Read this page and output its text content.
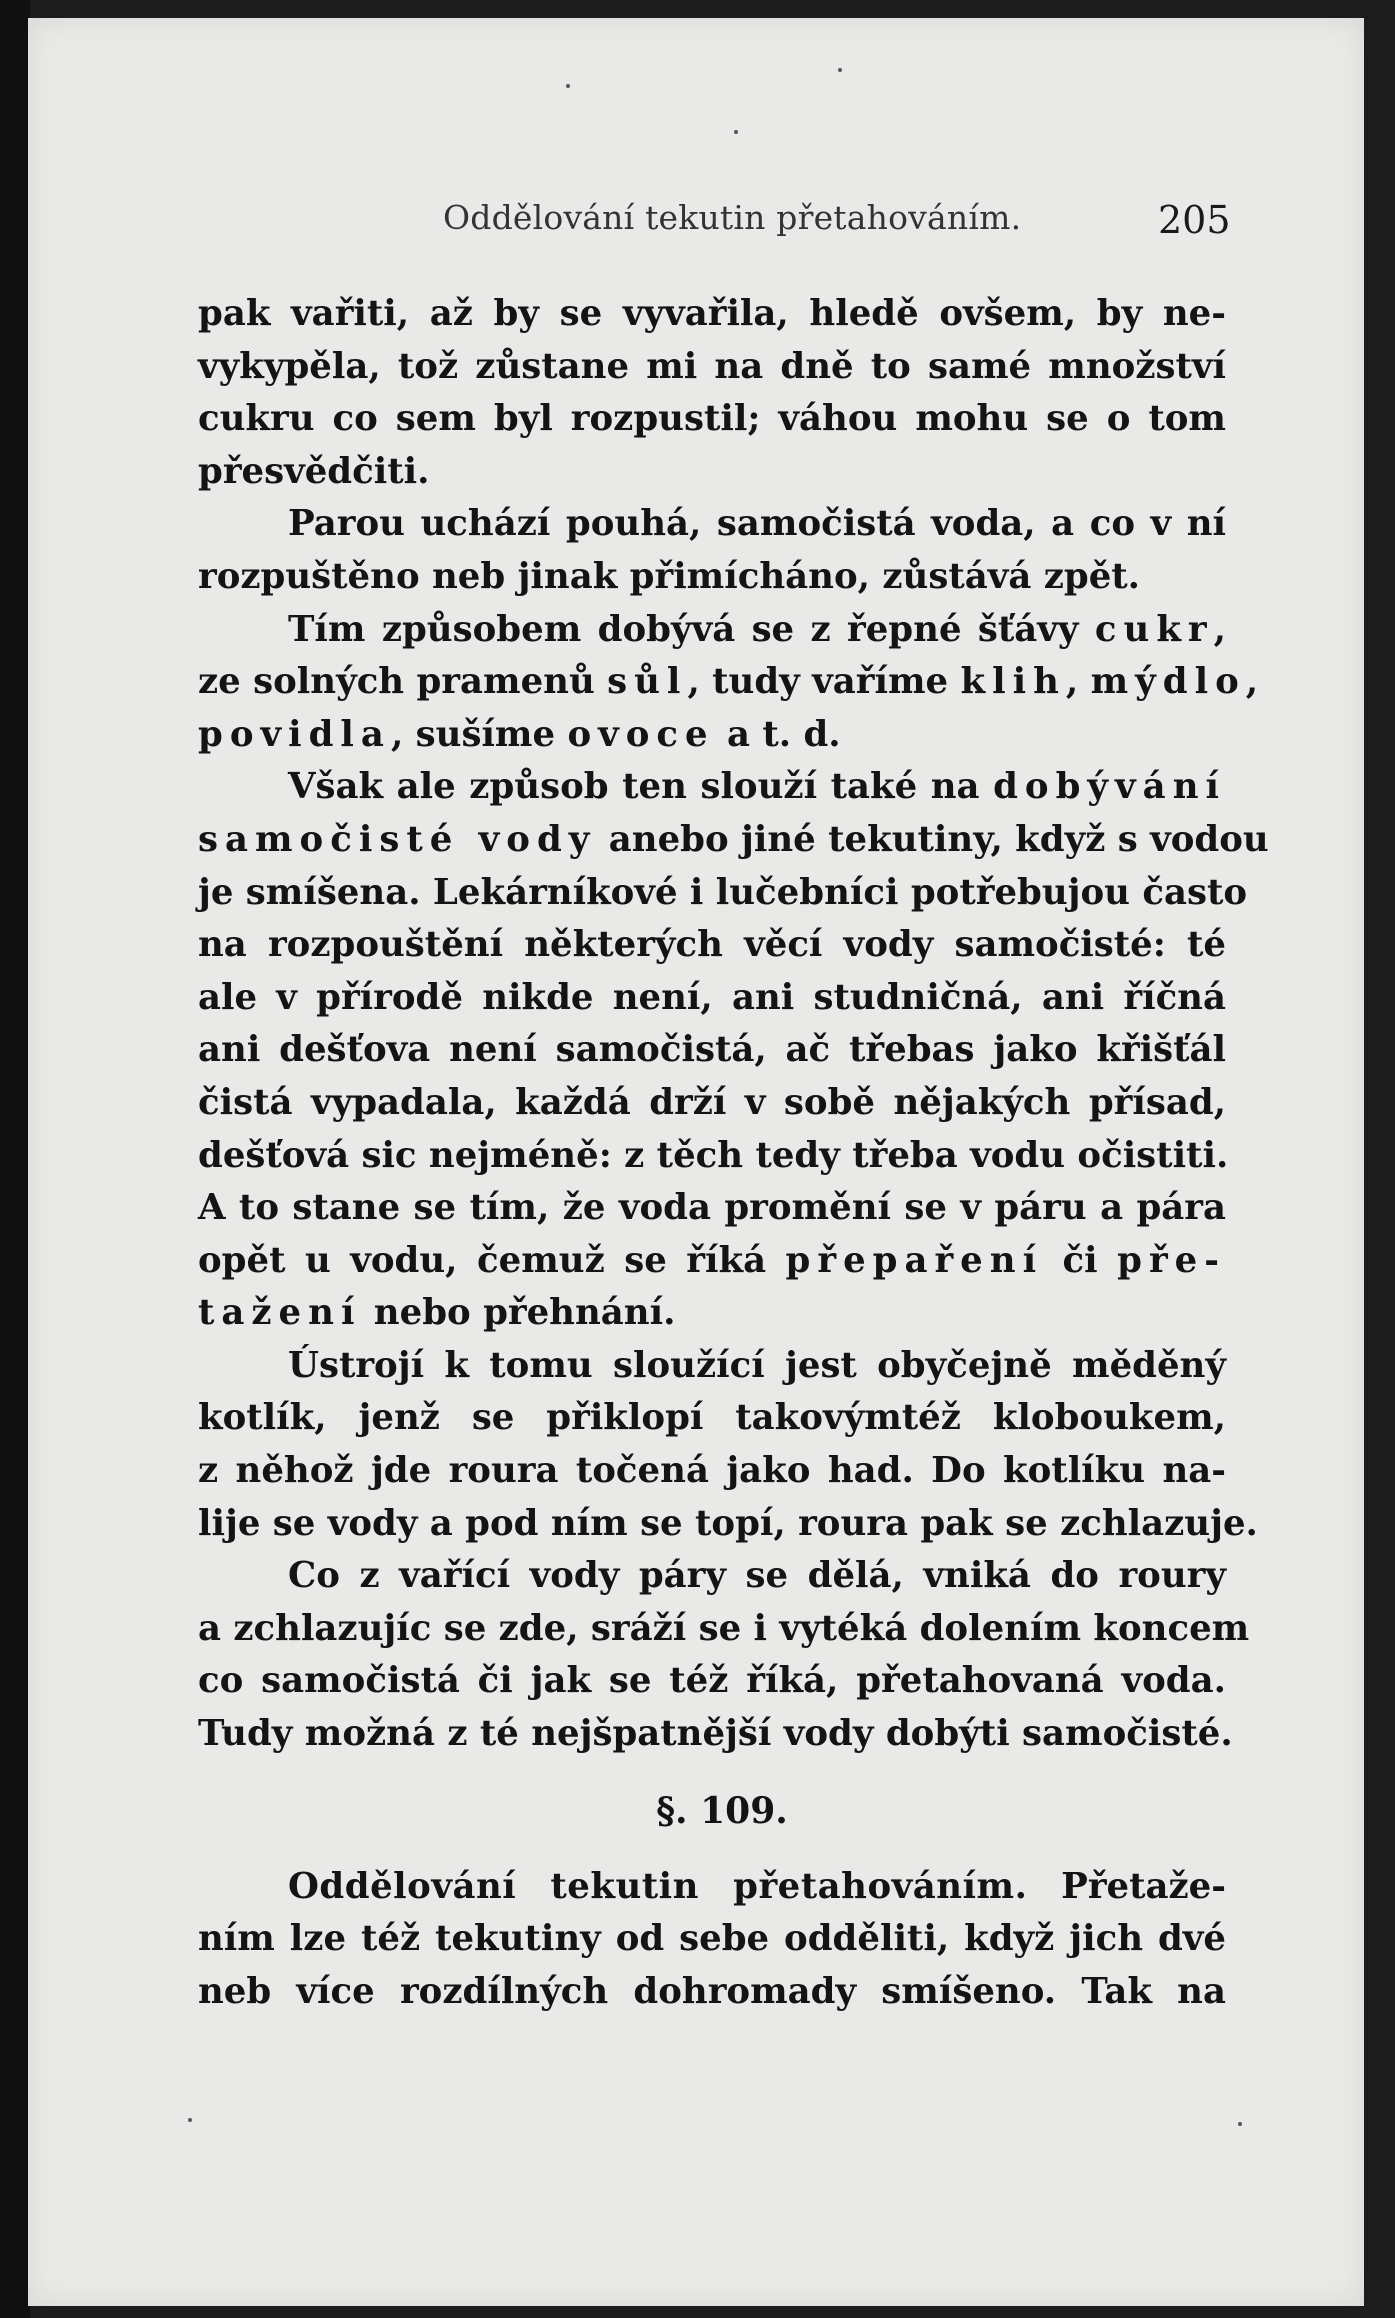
Oddělování tekutin přetahováním.	205
pak vařiti, až by se vyvařila, hledě ovšem, by ne-
vykypěla, tož zůstane mi na dně to samé množství
cukru co sem byl rozpustil; váhou mohu se o tom
přesvědčiti.
Parou uchází pouhá, samočistá voda, a co v ní
rozpuštěno neb jinak přimícháno, zůstává zpět.
Tím způsobem dobývá se z řepné šťávy cukr,
ze solných pramenů sůl, tudy vaříme klih, mýdlo,
povidla, sušíme ovoce a t. d.
Však ale způsob ten slouží také na dobývání
samočisté vody anebo jiné tekutiny, když s vodou
je smíšena. Lekárníkové i lučebníci potřebujou často
na rozpouštění některých věcí vody samočisté: té
ale v přírodě nikde není, ani studničná, ani říčná
ani dešťova není samočistá, ač třebas jako křišťál
čistá vypadala, každá drží v sobě nějakých přísad,
dešťová sic nejméně: z těch tedy třeba vodu očistiti.
A to stane se tím, že voda promění se v páru a pára
opět u vodu, čemuž se říká přepaření či pře-
tažení nebo přehnání.
Ústrojí k tomu sloužící jest obyčejně měděný
kotlík, jenž se přiklopí takovýmtéž kloboukem,
z něhož jde roura točená jako had. Do kotlíku na-
lije se vody a pod ním se topí, roura pak se zchlazuje.
Co z vařící vody páry se dělá, vniká do roury
a zchlazujíc se zde, sráží se i vytéká dolením koncem
co samočistá či jak se též říká, přetahovaná voda.
Tudy možná z té nejšpatnější vody dobýti samočisté.
§. 109.
Oddělování tekutin přetahováním. Přetaže-
ním lze též tekutiny od sebe odděliti, když jich dvé
neb více rozdílných dohromady smíšeno. Tak na
